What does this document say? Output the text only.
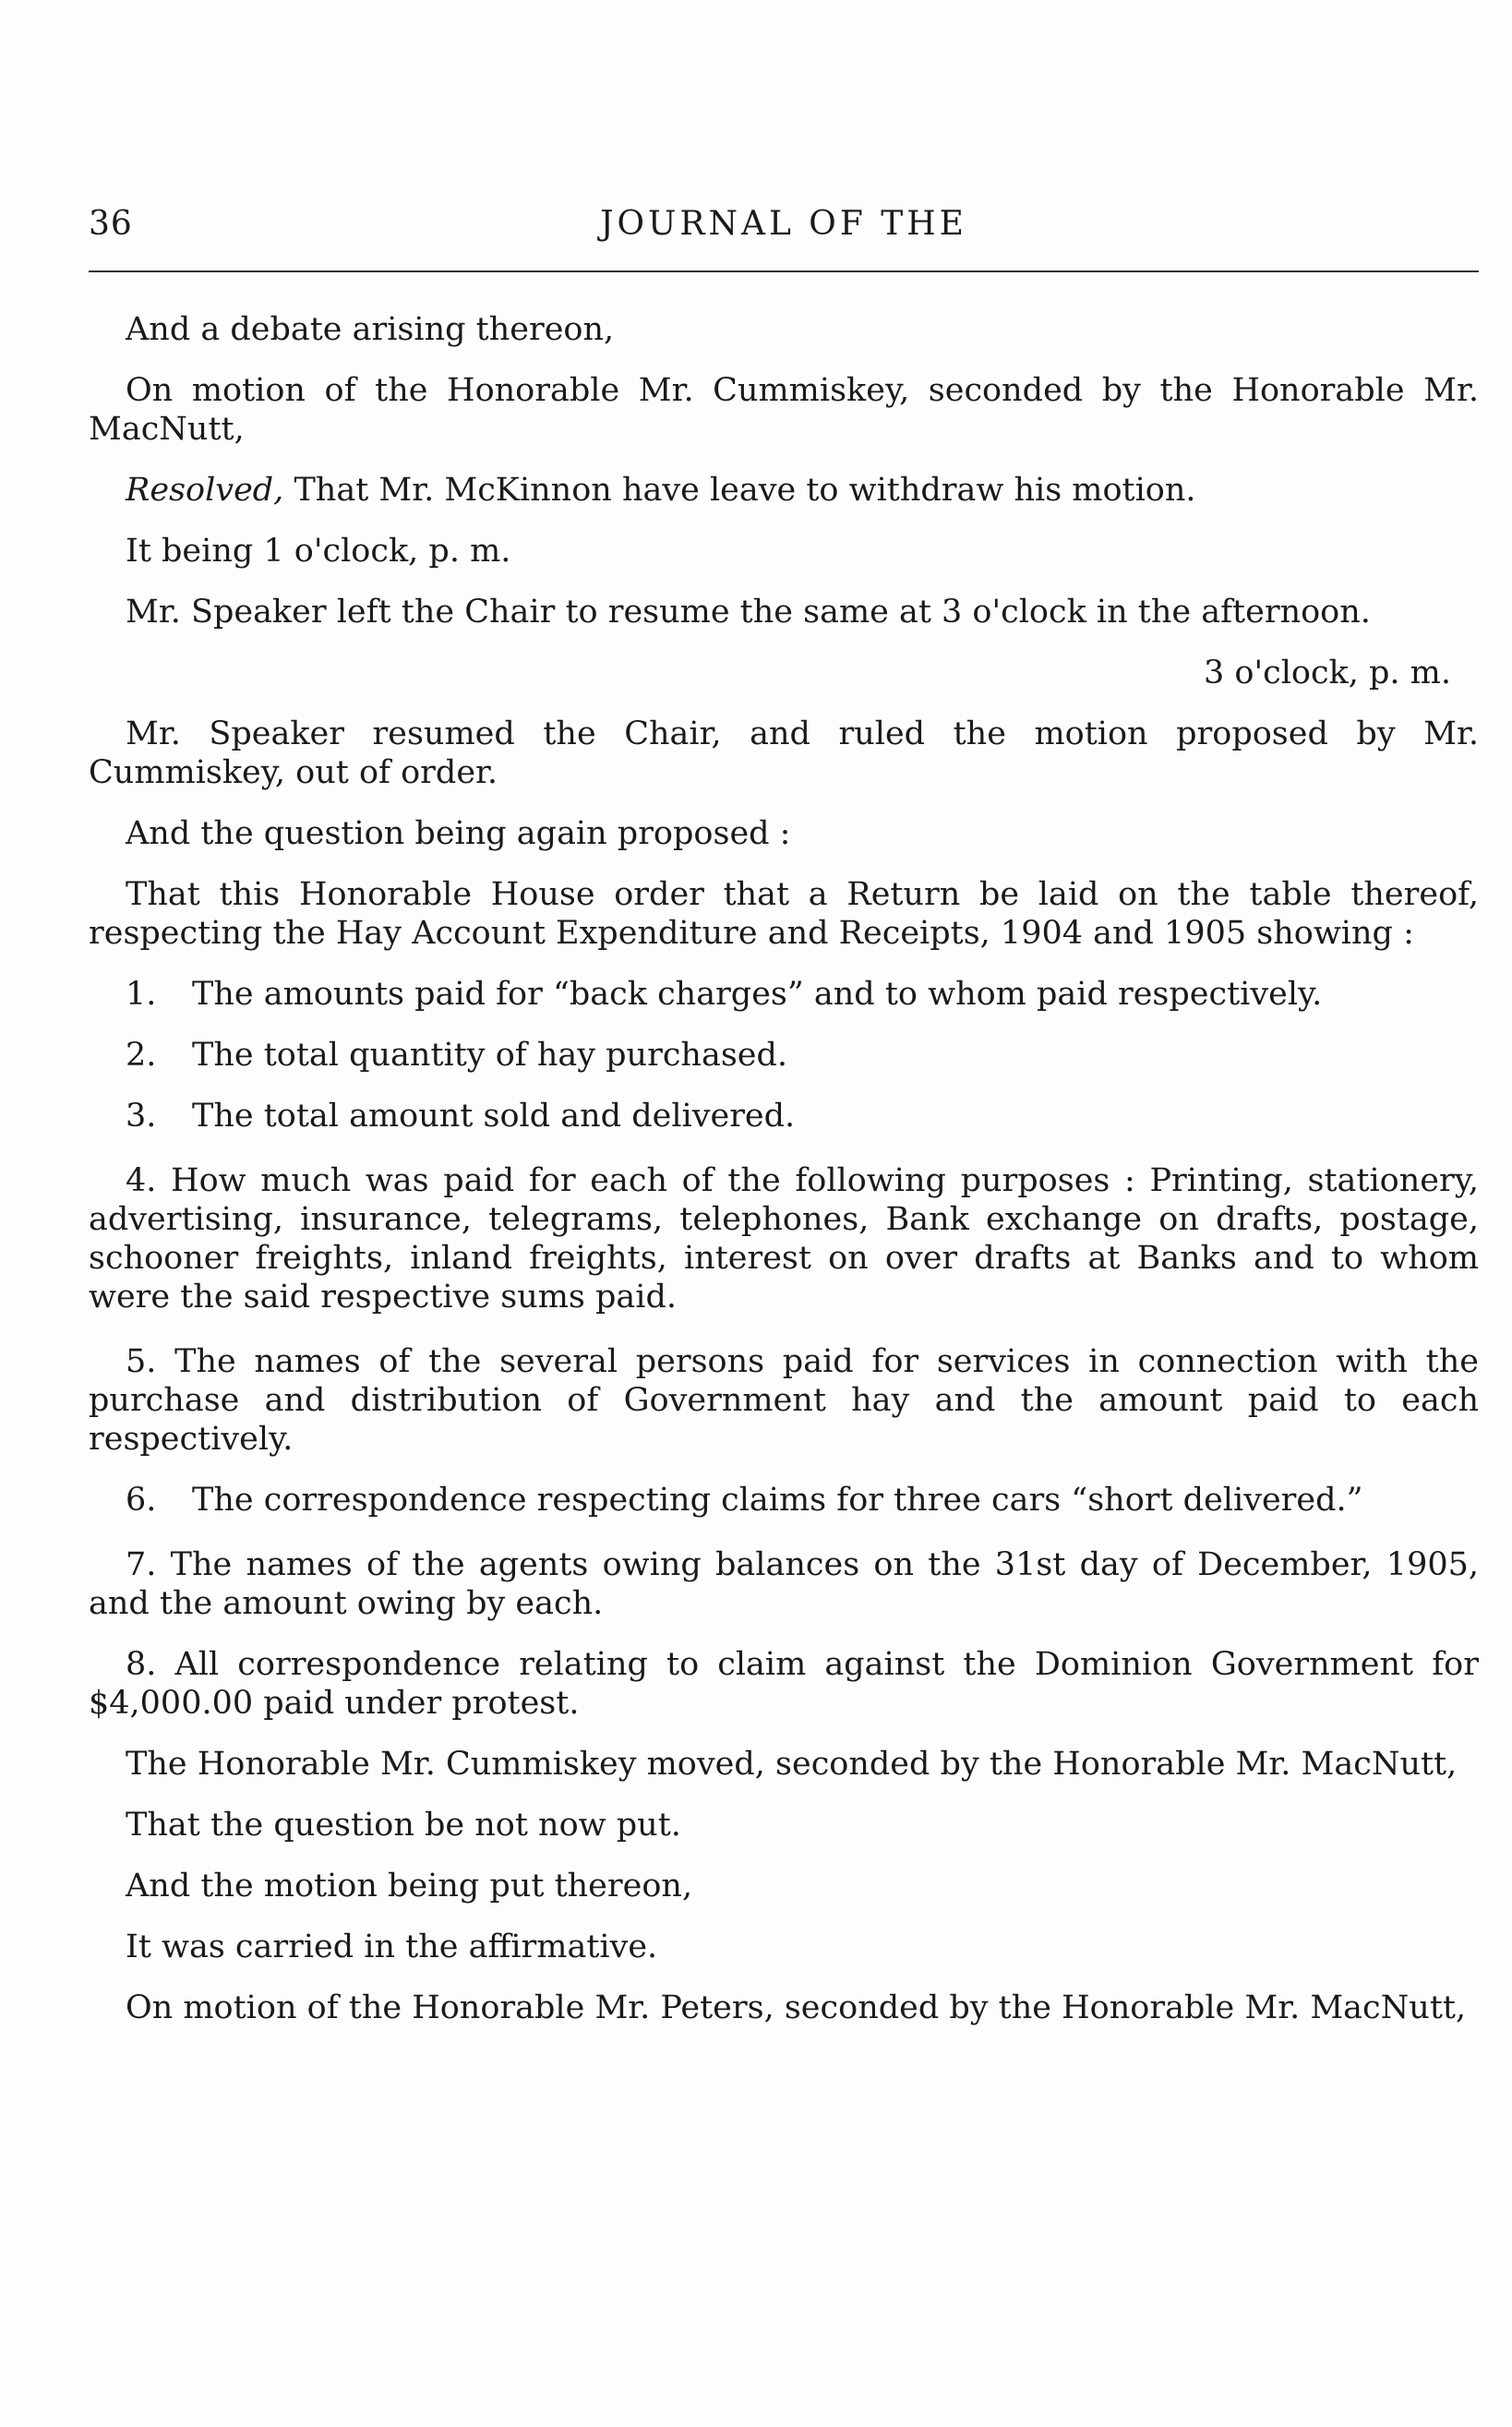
36	JOURNAL OF THE

And a debate arising thereon,

On motion of the Honorable Mr. Cummiskey, seconded by the Honorable Mr. MacNutt,

Resolved, That Mr. McKinnon have leave to withdraw his motion.

It being 1 o'clock, p. m.

Mr. Speaker left the Chair to resume the same at 3 o'clock in the afternoon.

3 o'clock, p. m.

Mr. Speaker resumed the Chair, and ruled the motion proposed by Mr. Cummiskey, out of order.

And the question being again proposed :

That this Honorable House order that a Return be laid on the table thereof, respecting the Hay Account Expenditure and Receipts, 1904 and 1905 showing :

1. The amounts paid for “back charges” and to whom paid respectively.

2. The total quantity of hay purchased.

3. The total amount sold and delivered.

4. How much was paid for each of the following purposes : Printing, stationery, advertising, insurance, telegrams, telephones, Bank exchange on drafts, postage, schooner freights, inland freights, interest on over drafts at Banks and to whom were the said respective sums paid.

5. The names of the several persons paid for services in connection with the purchase and distribution of Government hay and the amount paid to each respectively.

6. The correspondence respecting claims for three cars “short delivered.”

7. The names of the agents owing balances on the 31st day of December, 1905, and the amount owing by each.

8. All correspondence relating to claim against the Dominion Government for $4,000.00 paid under protest.

The Honorable Mr. Cummiskey moved, seconded by the Honorable Mr. MacNutt,

That the question be not now put.

And the motion being put thereon,

It was carried in the affirmative.

On motion of the Honorable Mr. Peters, seconded by the Honorable Mr. MacNutt,
